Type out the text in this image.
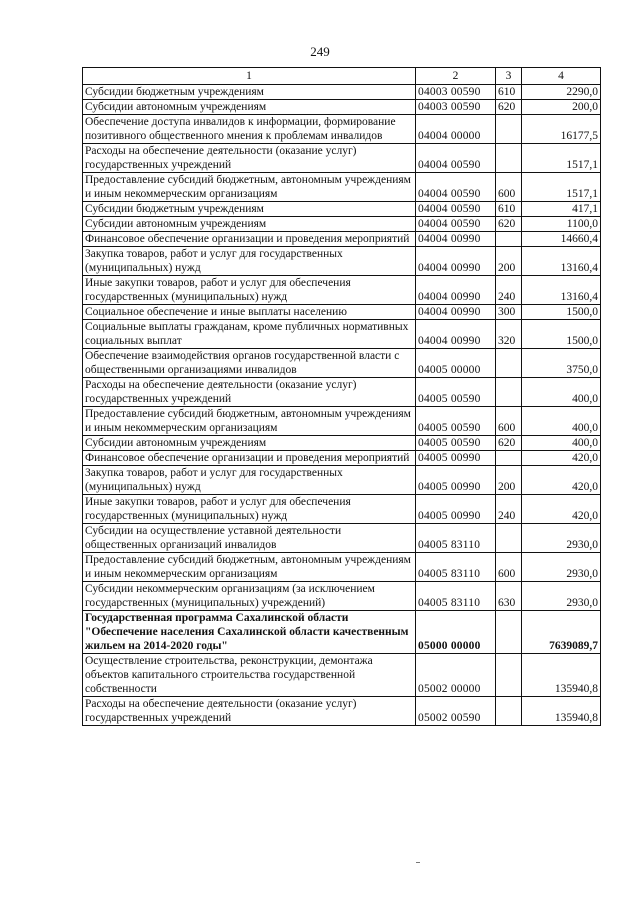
249
1	2	3	4
Субсидии бюджетным учреждениям	04003 00590	610	2290,0
Субсидии автономным учреждениям	04003 00590	620	200,0
Обеспечение доступа инвалидов к информации, формирование позитивного общественного мнения к проблемам инвалидов	04004 00000		16177,5
Расходы на обеспечение деятельности (оказание услуг) государственных учреждений	04004 00590		1517,1
Предоставление субсидий бюджетным, автономным учреждениям и иным некоммерческим организациям	04004 00590	600	1517,1
Субсидии бюджетным учреждениям	04004 00590	610	417,1
Субсидии автономным учреждениям	04004 00590	620	1100,0
Финансовое обеспечение организации и проведения мероприятий	04004 00990		14660,4
Закупка товаров, работ и услуг для государственных (муниципальных) нужд	04004 00990	200	13160,4
Иные закупки товаров, работ и услуг для обеспечения государственных (муниципальных) нужд	04004 00990	240	13160,4
Социальное обеспечение и иные выплаты населению	04004 00990	300	1500,0
Социальные выплаты гражданам, кроме публичных нормативных социальных выплат	04004 00990	320	1500,0
Обеспечение взаимодействия органов государственной власти с общественными организациями инвалидов	04005 00000		3750,0
Расходы на обеспечение деятельности (оказание услуг) государственных учреждений	04005 00590		400,0
Предоставление субсидий бюджетным, автономным учреждениям и иным некоммерческим организациям	04005 00590	600	400,0
Субсидии автономным учреждениям	04005 00590	620	400,0
Финансовое обеспечение организации и проведения мероприятий	04005 00990		420,0
Закупка товаров, работ и услуг для государственных (муниципальных) нужд	04005 00990	200	420,0
Иные закупки товаров, работ и услуг для обеспечения государственных (муниципальных) нужд	04005 00990	240	420,0
Субсидии на осуществление уставной деятельности общественных организаций инвалидов	04005 83110		2930,0
Предоставление субсидий бюджетным, автономным учреждениям и иным некоммерческим организациям	04005 83110	600	2930,0
Субсидии некоммерческим организациям (за исключением государственных (муниципальных) учреждений)	04005 83110	630	2930,0
Государственная программа Сахалинской области "Обеспечение населения Сахалинской области качественным жильем на 2014-2020 годы"	05000 00000		7639089,7
Осуществление строительства, реконструкции, демонтажа объектов капитального строительства государственной собственности	05002 00000		135940,8
Расходы на обеспечение деятельности (оказание услуг) государственных учреждений	05002 00590		135940,8
